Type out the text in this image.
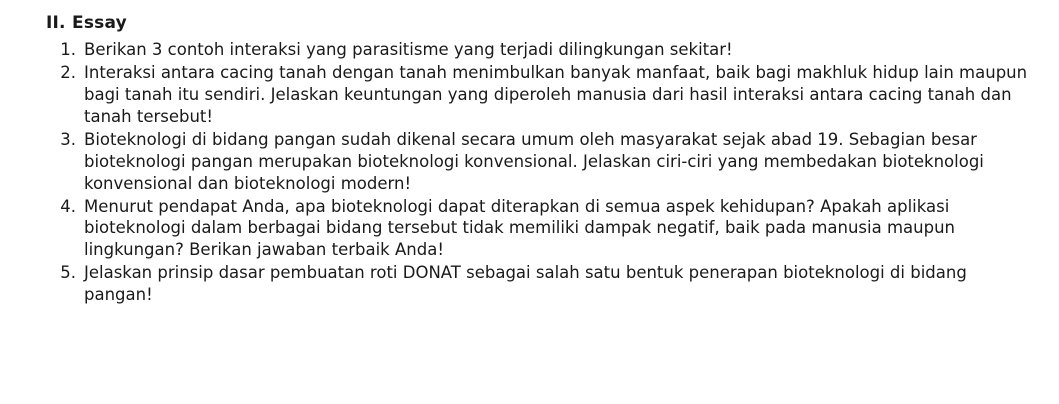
II. Essay
1. Berikan 3 contoh interaksi yang parasitisme yang terjadi dilingkungan sekitar!
2. Interaksi antara cacing tanah dengan tanah menimbulkan banyak manfaat, baik bagi makhluk hidup lain maupun bagi tanah itu sendiri. Jelaskan keuntungan yang diperoleh manusia dari hasil interaksi antara cacing tanah dan tanah tersebut!
3. Bioteknologi di bidang pangan sudah dikenal secara umum oleh masyarakat sejak abad 19. Sebagian besar bioteknologi pangan merupakan bioteknologi konvensional. Jelaskan ciri-ciri yang membedakan bioteknologi konvensional dan bioteknologi modern!
4. Menurut pendapat Anda, apa bioteknologi dapat diterapkan di semua aspek kehidupan? Apakah aplikasi bioteknologi dalam berbagai bidang tersebut tidak memiliki dampak negatif, baik pada manusia maupun lingkungan? Berikan jawaban terbaik Anda!
5. Jelaskan prinsip dasar pembuatan roti DONAT sebagai salah satu bentuk penerapan bioteknologi di bidang pangan!
